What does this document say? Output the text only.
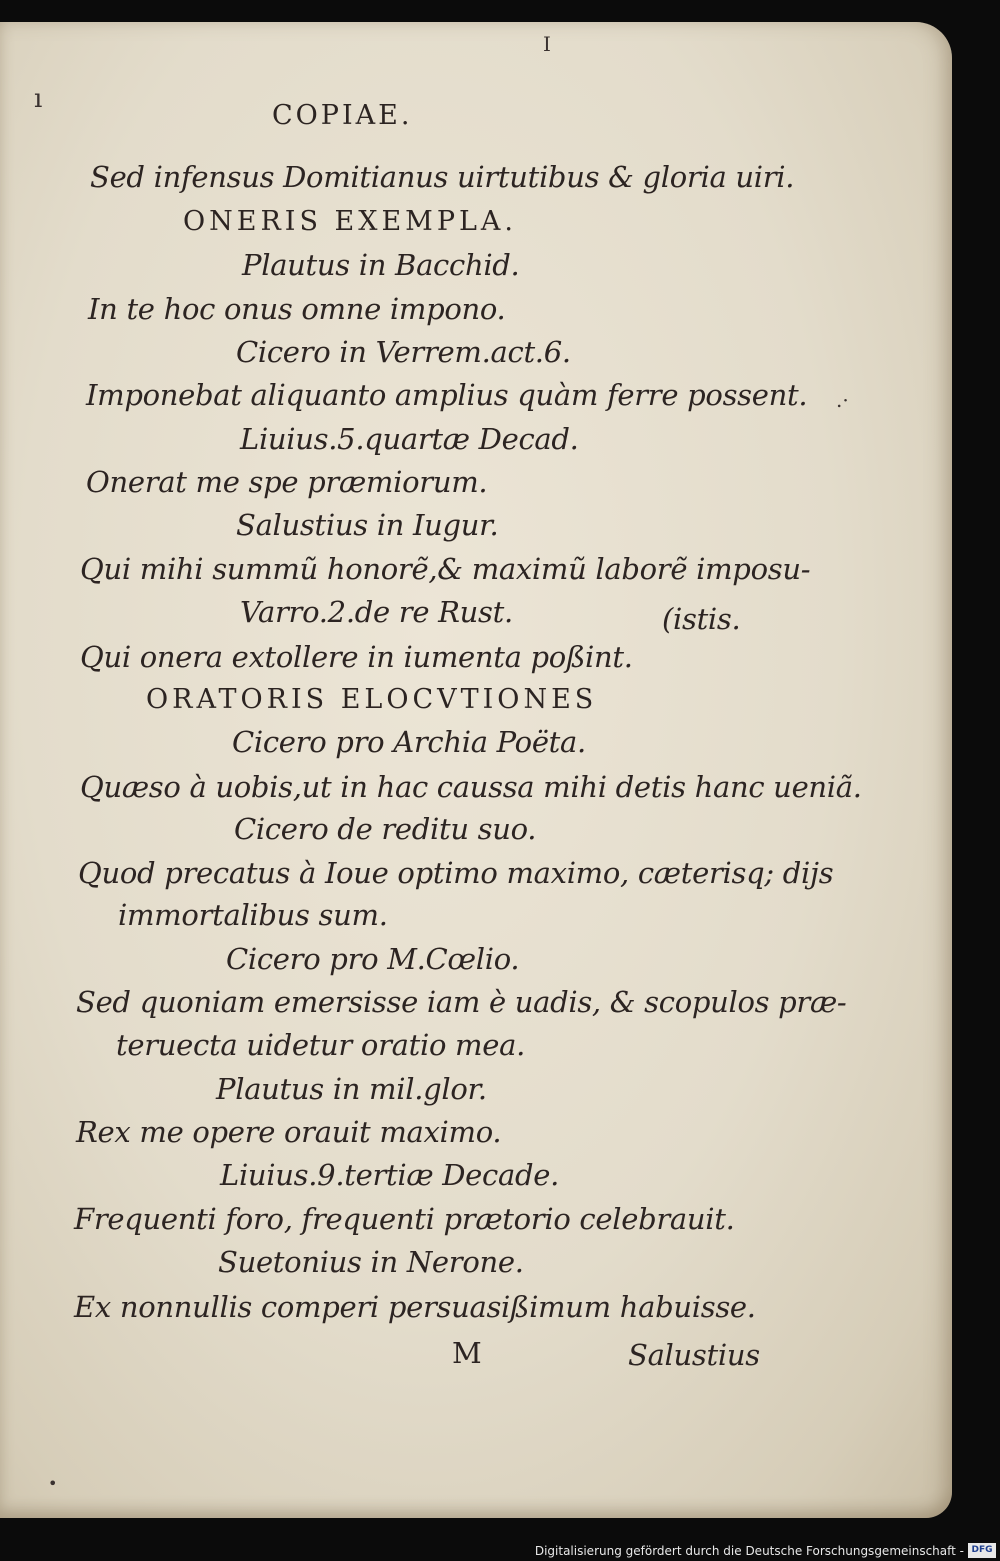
I
ı
COPIAE.
Sed infensus Domitianus uirtutibus & gloria uiri.
ONERIS EXEMPLA.
Plautus in Bacchid.
In te hoc onus omne impono.
Cicero in Verrem.act.6.
Imponebat aliquanto amplius quàm ferre possent.
Liuius.5.quartæ Decad.
Onerat me spe præmiorum.
Salustius in Iugur.
Qui mihi summũ honorẽ,& maximũ laborẽ imposu-
Varro.2.de re Rust.	(istis.
Qui onera extollere in iumenta poßint.
ORATORIS ELOCVTIONES
Cicero pro Archia Poëta.
Quæso à uobis,ut in hac caussa mihi detis hanc ueniã.
Cicero de reditu suo.
Quod precatus à Ioue optimo maximo, cæterisq; dijs
immortalibus sum.
Cicero pro M.Cœlio.
Sed quoniam emersisse iam è uadis, & scopulos præ-
teruecta uidetur oratio mea.
Plautus in mil.glor.
Rex me opere orauit maximo.
Liuius.9.tertiæ Decade.
Frequenti foro, frequenti prætorio celebrauit.
Suetonius in Nerone.
Ex nonnullis comperi persuasißimum habuisse.
M	Salustius
.·
•
Digitalisierung gefördert durch die Deutsche Forschungsgemeinschaft - DFG
